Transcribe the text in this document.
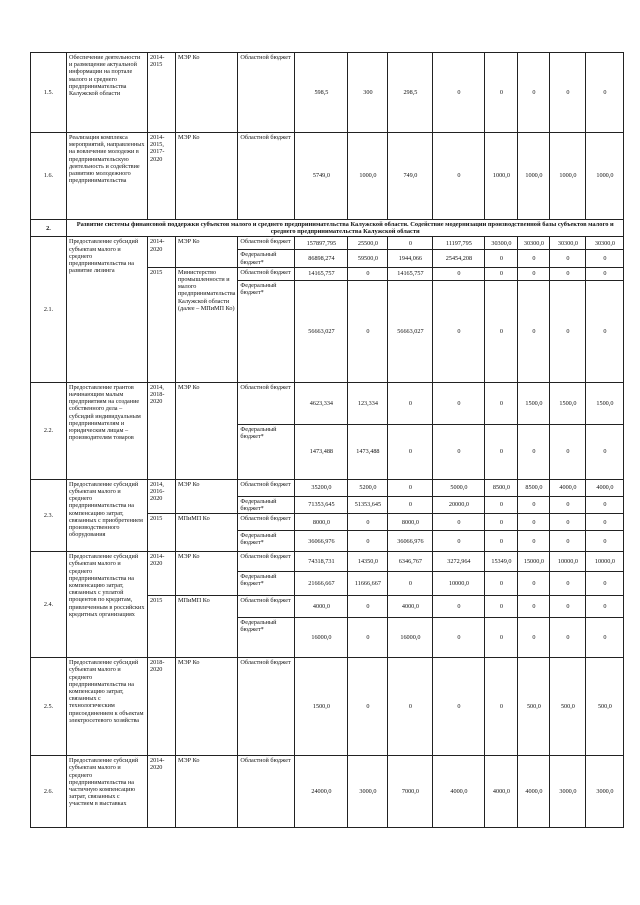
1.5.	Обеспечение деятельности и размещение актуальной информации на портале малого и среднего предпринимательства Калужской области	2014-2015	МЭР Ко	Областной бюджет	598,5	300	298,5	0	0	0	0	0
1.6.	Реализация комплекса мероприятий, направленных на вовлечение молодежи в предпринимательскую деятельность и содействие развитию молодежного предпринимательства	2014-2015, 2017-2020	МЭР Ко	Областной бюджет	5749,0	1000,0	749,0	0	1000,0	1000,0	1000,0	1000,0
2.	Развитие системы финансовой поддержки субъектов малого и среднего предпринимательства Калужской области. Содействие модернизации производственной базы субъектов малого и среднего предпринимательства Калужской области											
2.1.	Предоставление субсидий субъектам малого и среднего предпринимательства на развитие лизинга	2014-2020	МЭР Ко	Областной бюджет	157897,795	25500,0	0	11197,795	30300,0	30300,0	30300,0	30300,0
				Федеральный бюджет*	86898,274	59500,0	1944,066	25454,208	0	0	0	0
		2015	Министерство промышленности и малого предпринимательства Калужской области (далее – МПиМП Ко)	Областной бюджет	14165,757	0	14165,757	0	0	0	0	0
				Федеральный бюджет*	56663,027	0	56663,027	0	0	0	0	0
2.2.	Предоставление грантов начинающим малым предприятиям на создание собственного дела – субсидий индивидуальным предпринимателям и юридическим лицам – производителям товаров	2014, 2018-2020	МЭР Ко	Областной бюджет	4623,334	123,334	0	0	0	1500,0	1500,0	1500,0
				Федеральный бюджет*	1473,488	1473,488	0	0	0	0	0	0
2.3.	Предоставление субсидий субъектам малого и среднего предпринимательства на компенсацию затрат, связанных с приобретением производственного оборудования	2014, 2016-2020	МЭР Ко	Областной бюджет	35200,0	5200,0	0	5000,0	8500,0	8500,0	4000,0	4000,0
				Федеральный бюджет*	71353,645	51353,645	0	20000,0	0	0	0	0
		2015	МПиМП Ко	Областной бюджет	8000,0	0	8000,0	0	0	0	0	0
				Федеральный бюджет*	36066,976	0	36066,976	0	0	0	0	0
2.4.	Предоставление субсидий субъектам малого и среднего предпринимательства на компенсацию затрат, связанных с уплатой процентов по кредитам, привлеченным в российских кредитных организациях	2014-2020	МЭР Ко	Областной бюджет	74318,731	14350,0	6346,767	3272,964	15349,0	15000,0	10000,0	10000,0
				Федеральный бюджет*	21666,667	11666,667	0	10000,0	0	0	0	0
		2015	МПиМП Ко	Областной бюджет	4000,0	0	4000,0	0	0	0	0	0
				Федеральный бюджет*	16000,0	0	16000,0	0	0	0	0	0
2.5.	Предоставление субсидий субъектам малого и среднего предпринимательства на компенсацию затрат, связанных с технологическим присоединением к объектам электросетевого хозяйства	2018-2020	МЭР Ко	Областной бюджет	1500,0	0	0	0	0	500,0	500,0	500,0
2.6.	Предоставление субсидий субъектам малого и среднего предпринимательства на частичную компенсацию затрат, связанных с участием в выставках	2014-2020	МЭР Ко	Областной бюджет	24000,0	3000,0	7000,0	4000,0	4000,0	4000,0	3000,0	3000,0
